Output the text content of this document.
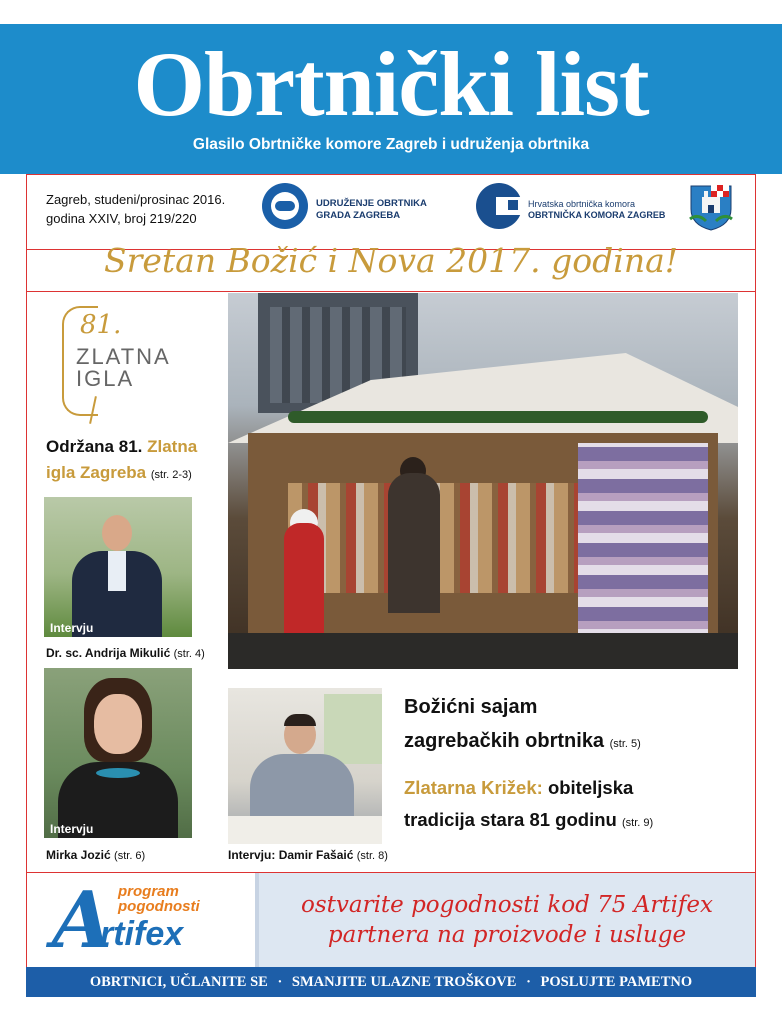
Obrtnički list
Glasilo Obrtničke komore Zagreb i udruženja obrtnika
Zagreb, studeni/prosinac 2016.
godina XXIV, broj 219/220
UDRUŽENJE OBRTNIKA
GRADA ZAGREBA
Hrvatska obrtnička komora
OBRTNIČKA KOMORA ZAGREB
Sretan Božić i Nova 2017. godina!
81.
ZLATNA
IGLA
Održana 81. Zlatna
igla Zagreba (str. 2-3)
Intervju
Dr. sc. Andrija Mikulić (str. 4)
Intervju
Mirka Jozić (str. 6)	Intervju: Damir Fašaić (str. 8)
Božićni sajam
zagrebačkih obrtnika (str. 5)
Zlatarna Križek: obiteljska
tradicija stara 81 godinu (str. 9)
A program
pogodnosti
rtifex
ostvarite pogodnosti kod 75 Artifex
partnera na proizvode i usluge
OBRTNICI, UČLANITE SE · SMANJITE ULAZNE TROŠKOVE · POSLUJTE PAMETNO
